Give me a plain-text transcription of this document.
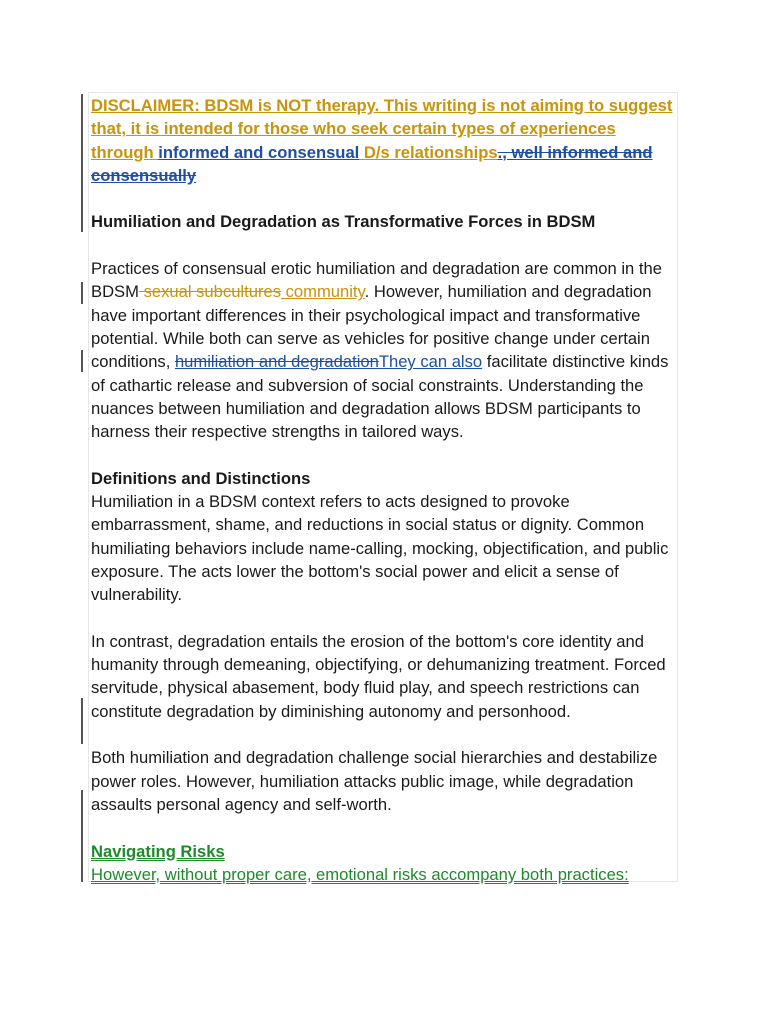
DISCLAIMER: BDSM is NOT therapy. This writing is not aiming to suggest that, it is intended for those who seek certain types of experiences through informed and consensual D/s relationships., well informed and consensually

Humiliation and Degradation as Transformative Forces in BDSM

Practices of consensual erotic humiliation and degradation are common in the BDSM sexual subcultures community. However, humiliation and degradation have important differences in their psychological impact and transformative potential. While both can serve as vehicles for positive change under certain conditions, humiliation and degradationThey can also facilitate distinctive kinds of cathartic release and subversion of social constraints. Understanding the nuances between humiliation and degradation allows BDSM participants to harness their respective strengths in tailored ways.

Definitions and Distinctions

Humiliation in a BDSM context refers to acts designed to provoke embarrassment, shame, and reductions in social status or dignity. Common humiliating behaviors include name-calling, mocking, objectification, and public exposure. The acts lower the bottom's social power and elicit a sense of vulnerability.

In contrast, degradation entails the erosion of the bottom's core identity and humanity through demeaning, objectifying, or dehumanizing treatment. Forced servitude, physical abasement, body fluid play, and speech restrictions can constitute degradation by diminishing autonomy and personhood.

Both humiliation and degradation challenge social hierarchies and destabilize power roles. However, humiliation attacks public image, while degradation assaults personal agency and self-worth.

Navigating Risks

However, without proper care, emotional risks accompany both practices:
